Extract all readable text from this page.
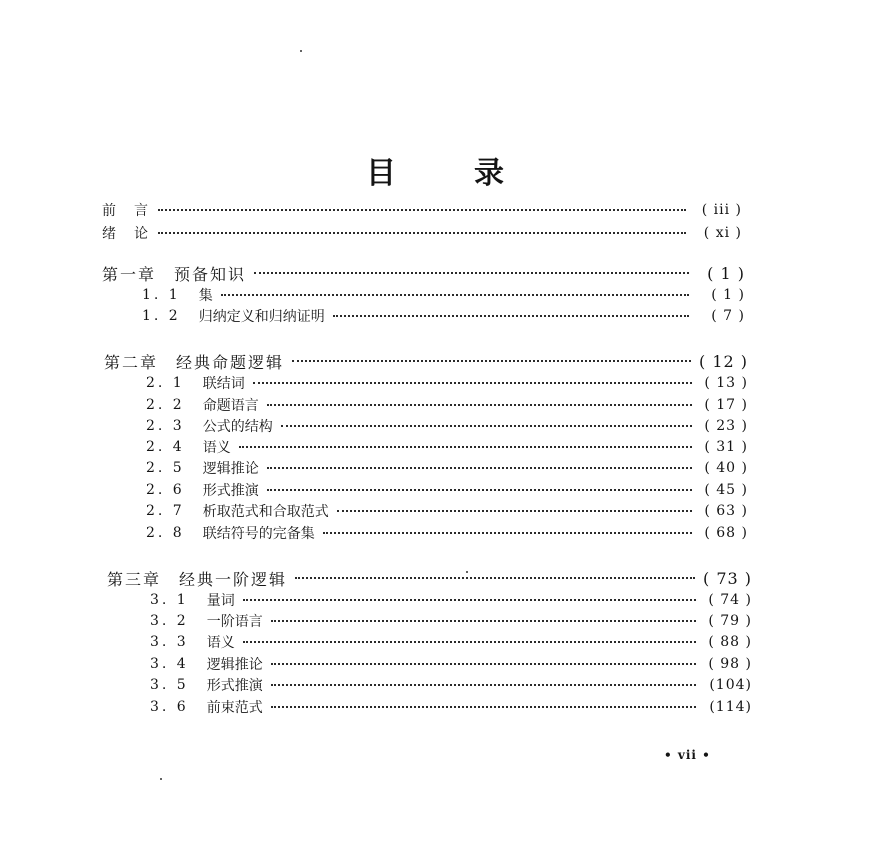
目	录
前　言	( iii )
绪　论	( xi )
第一章　预备知识	( 1 )
1. 1 集	( 1 )
1. 2 归纳定义和归纳证明	( 7 )
第二章　经典命题逻辑	( 12 )
2. 1 联结词	( 13 )
2. 2 命题语言	( 17 )
2. 3 公式的结构	( 23 )
2. 4 语义	( 31 )
2. 5 逻辑推论	( 40 )
2. 6 形式推演	( 45 )
2. 7 析取范式和合取范式	( 63 )
2. 8 联结符号的完备集	( 68 )
第三章　经典一阶逻辑	( 73 )
3. 1 量词	( 74 )
3. 2 一阶语言	( 79 )
3. 3 语义	( 88 )
3. 4 逻辑推论	( 98 )
3. 5 形式推演	(104)
3. 6 前束范式	(114)
• vii •
